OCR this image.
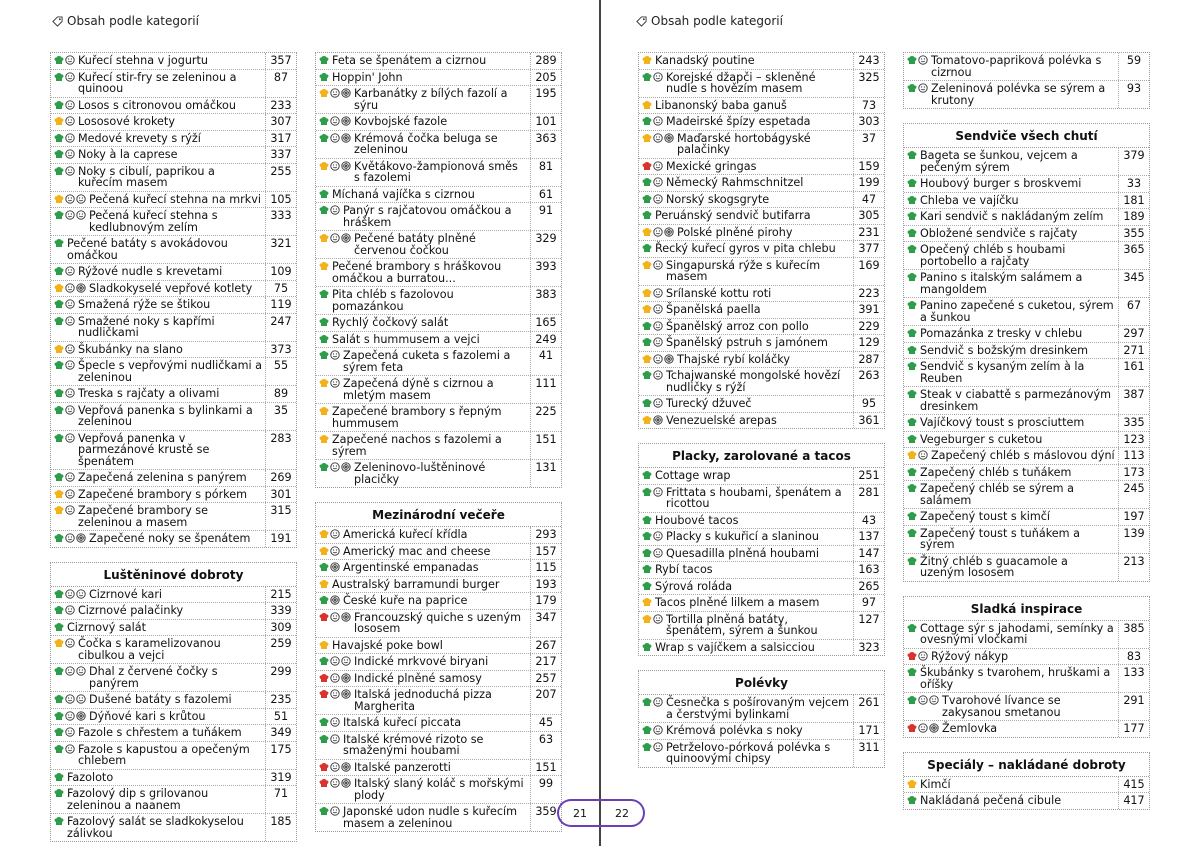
Obsah podle kategorií
Kuřecí stehna v jogurtu	357
Kuřecí stir-fry se zeleninou a quinoou
87
Losos s citronovou omáčkou	233
Lososové krokety	307
Medové krevety s rýží	317
Noky à la caprese	337
Noky s cibulí, paprikou a kuřecím masem
255
Pečená kuřecí stehna na mrkvi 105
Pečená kuřecí stehna s kedlubnovým zelím
333
Pečené batáty s avokádovou omáčkou
321
Rýžové nudle s krevetami	109
Sladkokyselé vepřové kotlety	75
Smažená rýže se štikou	119
Smažené noky s kapřími nudličkami
247
Škubánky na slano	373
Špecle s vepřovými nudličkami a zeleninou
55
Treska s rajčaty a olivami	89
Vepřová panenka s bylinkami a zeleninou
35
Vepřová panenka v parmezánové krustě se špenátem
283
Zapečená zelenina s panýrem	269
Zapečené brambory s pórkem	301
Zapečené brambory se zeleninou a masem
315
Zapečené noky se špenátem	191
Luštěninové dobroty
Cizrnové kari	215
Cizrnové palačinky	339
Cizrnový salát	309
Čočka s karamelizovanou cibulkou a vejci
259
Dhal z červené čočky s panýrem
299
Dušené batáty s fazolemi	235
Dýňové kari s krůtou	51
Fazole s chřestem a tuňákem	349
Fazole s kapustou a opečeným chlebem
175
Fazoloto	319
Fazolový dip s grilovanou zeleninou a naanem
71
Fazolový salát se sladkokyselou zálivkou
185
Feta se špenátem a cizrnou	289
Hoppin' John	205
Karbanátky z bílých fazolí a sýru
195
Kovbojské fazole	101
Krémová čočka beluga se zeleninou
363
Květákovo-žampionová směs s fazolemi
81
Míchaná vajíčka s cizrnou	61
Panýr s rajčatovou omáčkou a hráškem
91
Pečené batáty plněné červenou čočkou
329
Pečené brambory s hráškovou omáčkou a burratou...
393
Pita chléb s fazolovou pomazánkou
383
Rychlý čočkový salát	165
Salát s hummusem a vejci	249
Zapečená cuketa s fazolemi a sýrem feta
41
Zapečená dýně s cizrnou a mletým masem
111
Zapečené brambory s řepným hummusem
225
Zapečené nachos s fazolemi a sýrem
151
Zeleninovo-luštěninové placičky
131
Mezinárodní večeře
Americká kuřecí křídla	293
Americký mac and cheese	157
Argentinské empanadas	115
Australský barramundi burger	193
České kuře na paprice	179
Francouzský quiche s uzeným lososem
347
Havajské poke bowl	267
Indické mrkvové biryani	217
Indické plněné samosy	257
Italská jednoduchá pizza Margherita
207
Italská kuřecí piccata	45
Italské krémové rizoto se smaženými houbami
63
Italské panzerotti	151
Italský slaný koláč s mořskými plody
99
Japonské udon nudle s kuřecím masem a zeleninou
359
Obsah podle kategorií
Kanadský poutine	243
Korejské džapči – skleněné nudle s hovězím masem
325
Libanonský baba ganuš	73
Madeirské špízy espetada	303
Maďarské hortobágyské palačinky
37
Mexické gringas	159
Německý Rahmschnitzel	199
Norský skogsgryte	47
Peruánský sendvič butifarra	305
Polské plněné pirohy	231
Řecký kuřecí gyros v pita chlebu	377
Singapurská rýže s kuřecím masem
169
Srílanské kottu roti	223
Španělská paella	391
Španělský arroz con pollo	229
Španělský pstruh s jamónem	129
Thajské rybí koláčky	287
Tchajwanské mongolské hovězí nudličky s rýží
263
Turecký džuveč	95
Venezuelské arepas	361
Placky, zarolované a tacos
Cottage wrap	251
Frittata s houbami, špenátem a ricottou
281
Houbové tacos	43
Placky s kukuřicí a slaninou	137
Quesadilla plněná houbami	147
Rybí tacos	163
Sýrová roláda	265
Tacos plněné lilkem a masem	97
Tortilla plněná batáty, špenátem, sýrem a šunkou
127
Wrap s vajíčkem a salsicciou	323
Polévky
Česnečka s pošírovaným vejcem a čerstvými bylinkami
261
Krémová polévka s noky	171
Petrželovo-pórková polévka s quinoovými chipsy
311
Tomatovo-papriková polévka s cizrnou
59
Zeleninová polévka se sýrem a krutony
93
Sendviče všech chutí
Bageta se šunkou, vejcem a pečeným sýrem
379
Houbový burger s broskvemi	33
Chleba ve vajíčku	181
Kari sendvič s nakládaným zelím	189
Obložené sendviče s rajčaty	355
Opečený chléb s houbami portobello a rajčaty
365
Panino s italským salámem a mangoldem
345
Panino zapečené s cuketou, sýrem a šunkou
67
Pomazánka z tresky v chlebu	297
Sendvič s božským dresinkem	271
Sendvič s kysaným zelím à la Reuben
161
Steak v ciabattě s parmezánovým dresinkem
387
Vajíčkový toust s prosciuttem	335
Vegeburger s cuketou	123
Zapečený chléb s máslovou dýní 113
Zapečený chléb s tuňákem	173
Zapečený chléb se sýrem a salámem
245
Zapečený toust s kimčí	197
Zapečený toust s tuňákem a sýrem
139
Žitný chléb s guacamole a uzeným lososem
213
Sladká inspirace
Cottage sýr s jahodami, semínky a ovesnými vločkami
385
Rýžový nákyp	83
Škubánky s tvarohem, hruškami a oříšky
133
Tvarohové lívance se zakysanou smetanou
291
Žemlovka	177
Speciály – nakládané dobroty
Kimčí	415
Nakládaná pečená cibule	417
21	22
